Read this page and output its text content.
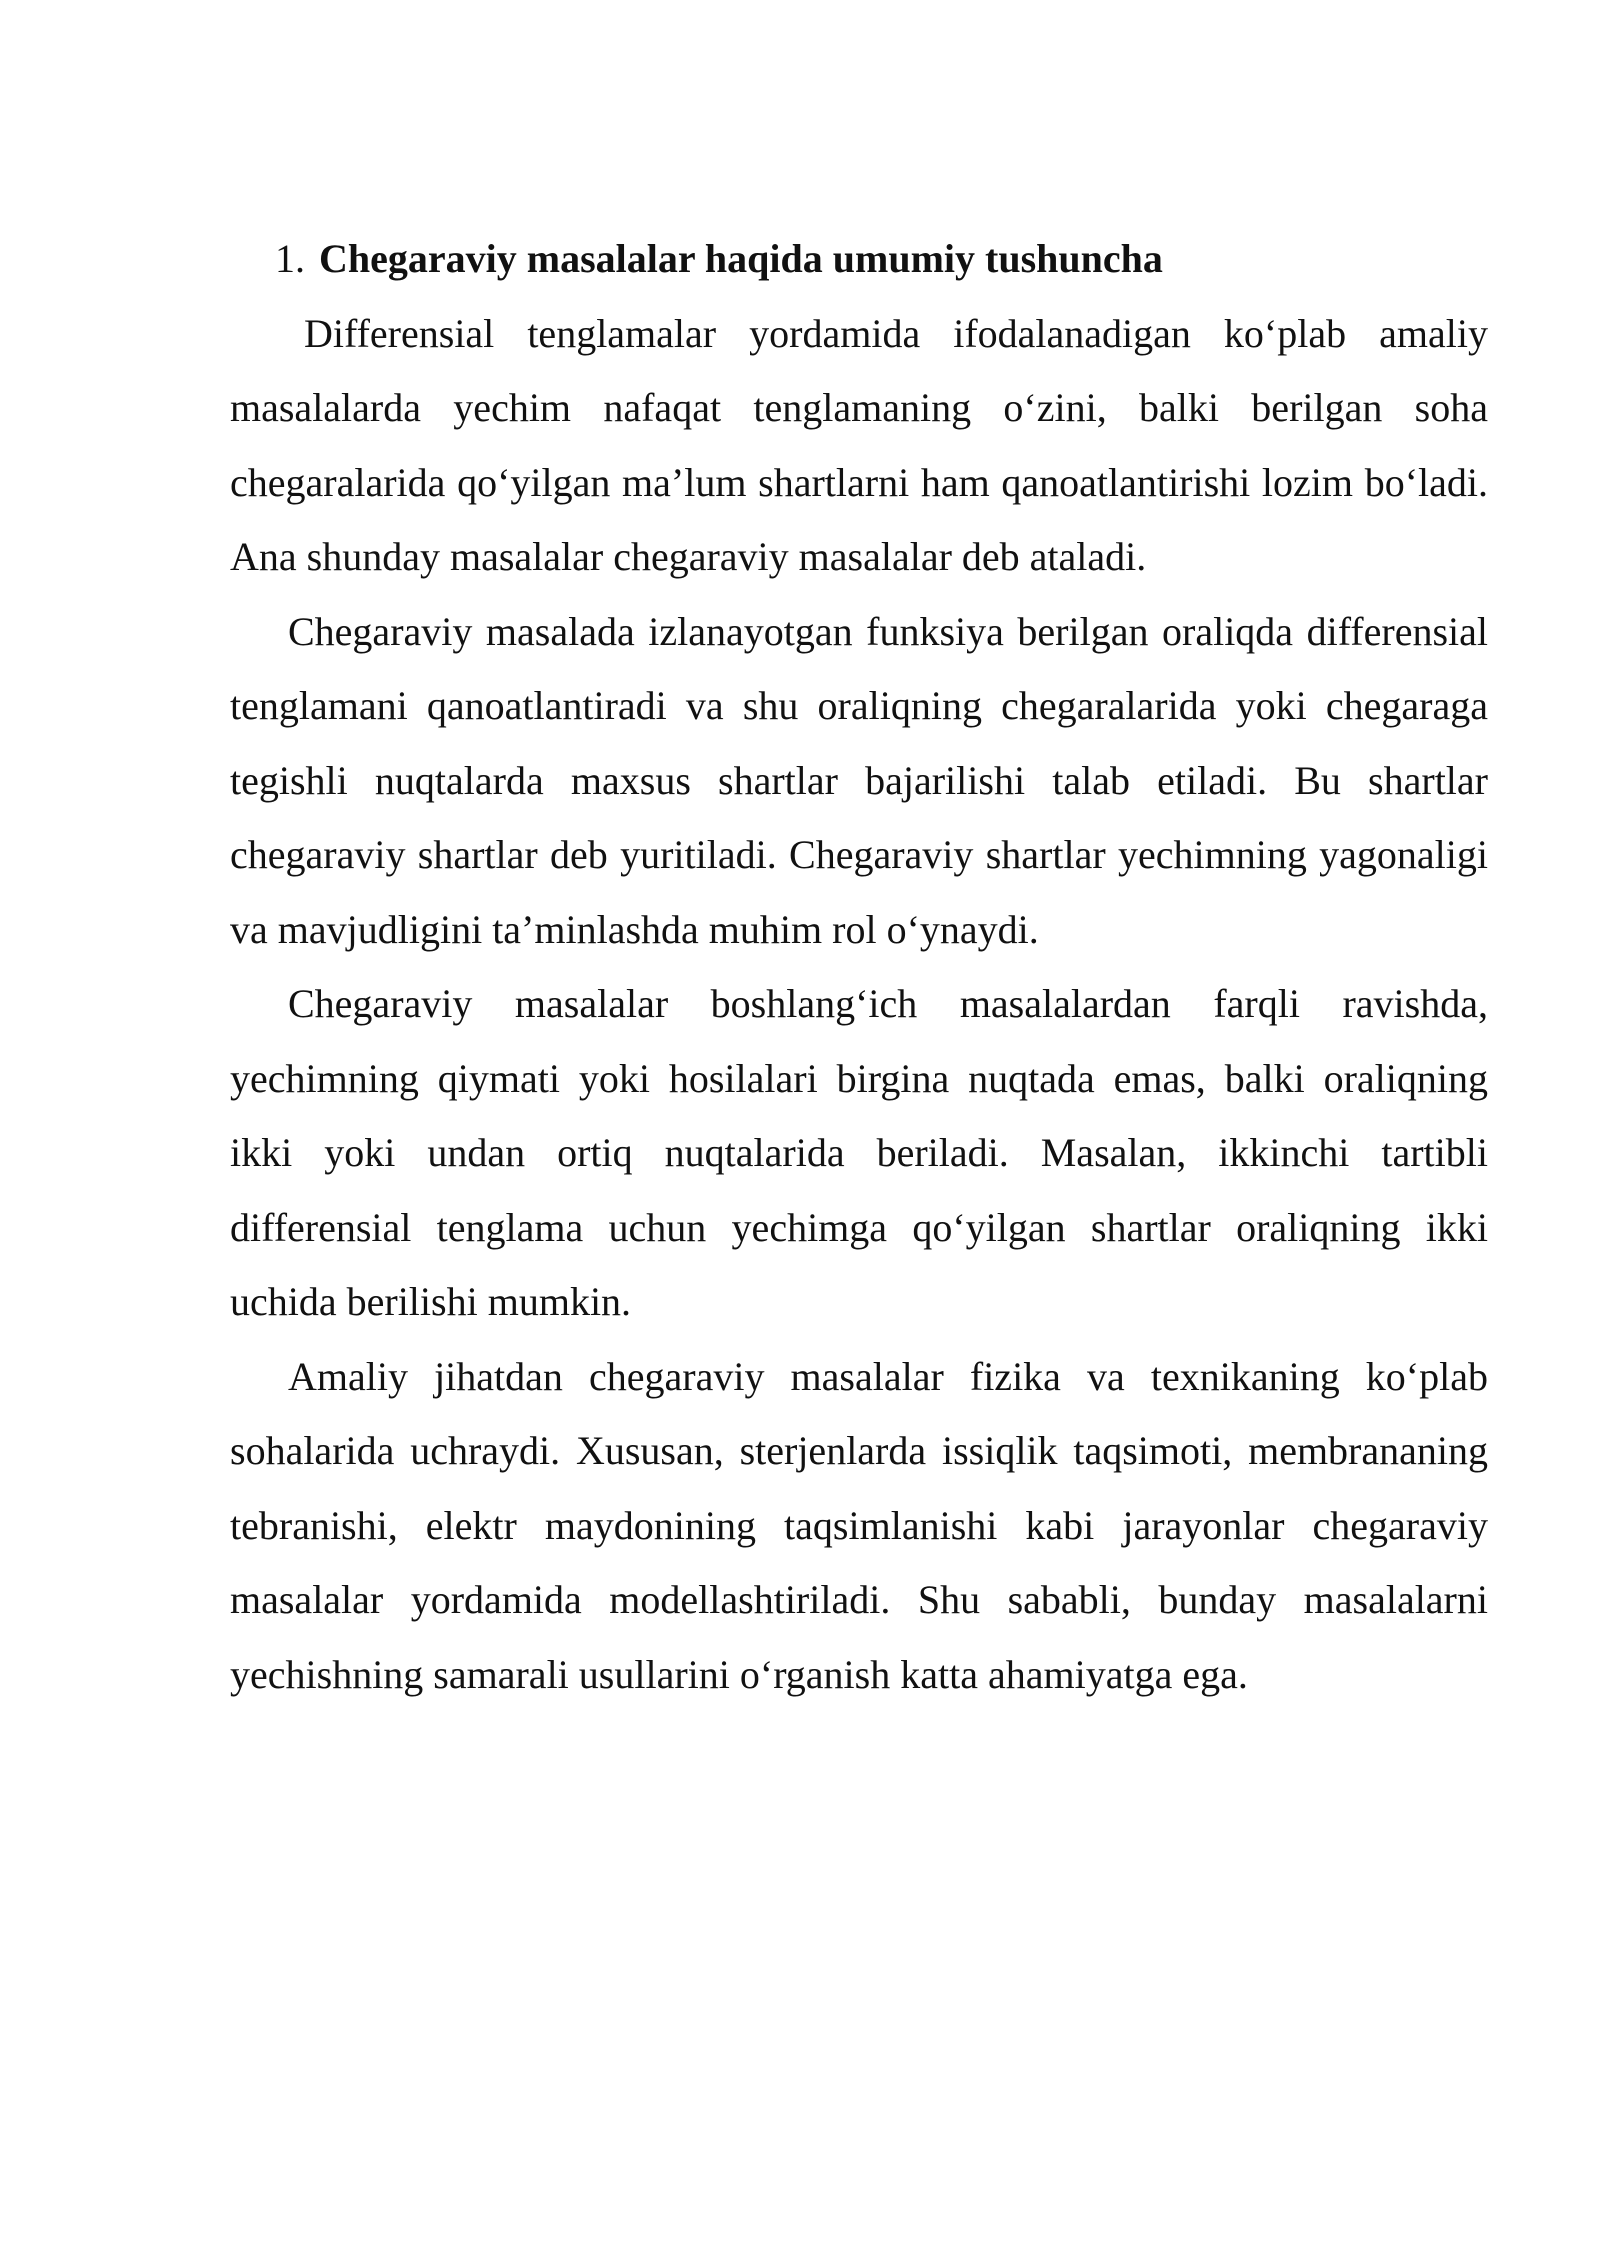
1. Chegaraviy masalalar haqida umumiy tushuncha

Differensial tenglamalar yordamida ifodalanadigan ko‘plab amaliy masalalarda yechim nafaqat tenglamaning o‘zini, balki berilgan soha chegaralarida qo‘yilgan ma’lum shartlarni ham qanoatlantirishi lozim bo‘ladi. Ana shunday masalalar chegaraviy masalalar deb ataladi.

Chegaraviy masalada izlanayotgan funksiya berilgan oraliqda differensial tenglamani qanoatlantiradi va shu oraliqning chegaralarida yoki chegaraga tegishli nuqtalarda maxsus shartlar bajarilishi talab etiladi. Bu shartlar chegaraviy shartlar deb yuritiladi. Chegaraviy shartlar yechimning yagonaligi va mavjudligini ta’minlashda muhim rol o‘ynaydi.

Chegaraviy masalalar boshlang‘ich masalalardan farqli ravishda, yechimning qiymati yoki hosilalari birgina nuqtada emas, balki oraliqning ikki yoki undan ortiq nuqtalarida beriladi. Masalan, ikkinchi tartibli differensial tenglama uchun yechimga qo‘yilgan shartlar oraliqning ikki uchida berilishi mumkin.

Amaliy jihatdan chegaraviy masalalar fizika va texnikaning ko‘plab sohalarida uchraydi. Xususan, sterjenlarda issiqlik taqsimoti, membrananing tebranishi, elektr maydonining taqsimlanishi kabi jarayonlar chegaraviy masalalar yordamida modellashtiriladi. Shu sababli, bunday masalalarni yechishning samarali usullarini o‘rganish katta ahamiyatga ega.
